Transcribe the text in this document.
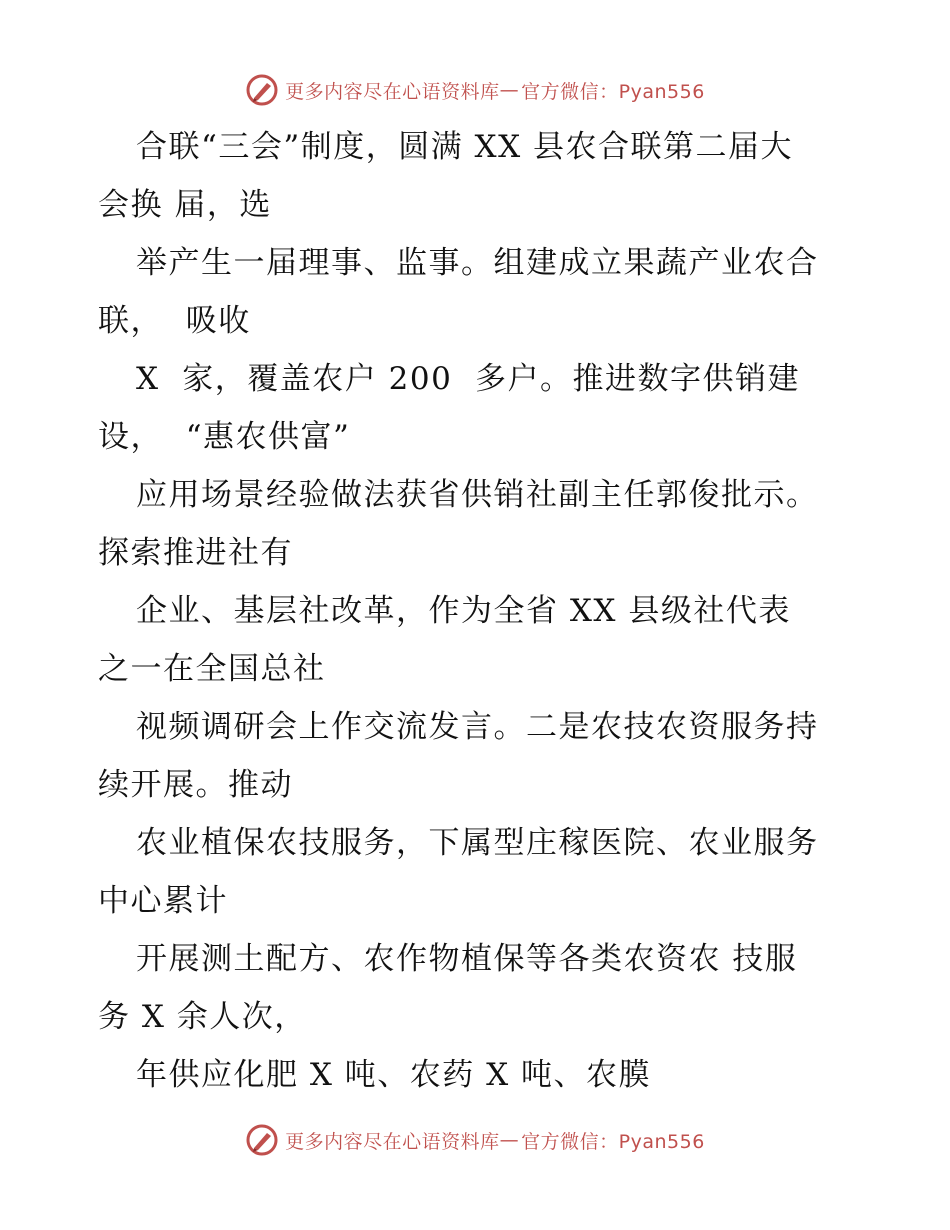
更多内容尽在心语资料库 — 官方微信：Pyan556
合联“三会”制度，圆满 XX 县农合联第二届大
会换 届，选
举产生一届理事、监事。组建成立果蔬产业农合
联，  吸收
X  家，覆盖农户 200  多户。推进数字供销建
设，  “惠农供富”
应用场景经验做法获省供销社副主任郭俊批示。
探索推进社有
企业、基层社改革，作为全省 XX 县级社代表
之一在全国总社
视频调研会上作交流发言。二是农技农资服务持
续开展。推动
农业植保农技服务，下属型庄稼医院、农业服务
中心累计
开展测土配方、农作物植保等各类农资农 技服
务 X 余人次，
年供应化肥 X 吨、农药 X 吨、农膜
更多内容尽在心语资料库 — 官方微信：Pyan556
